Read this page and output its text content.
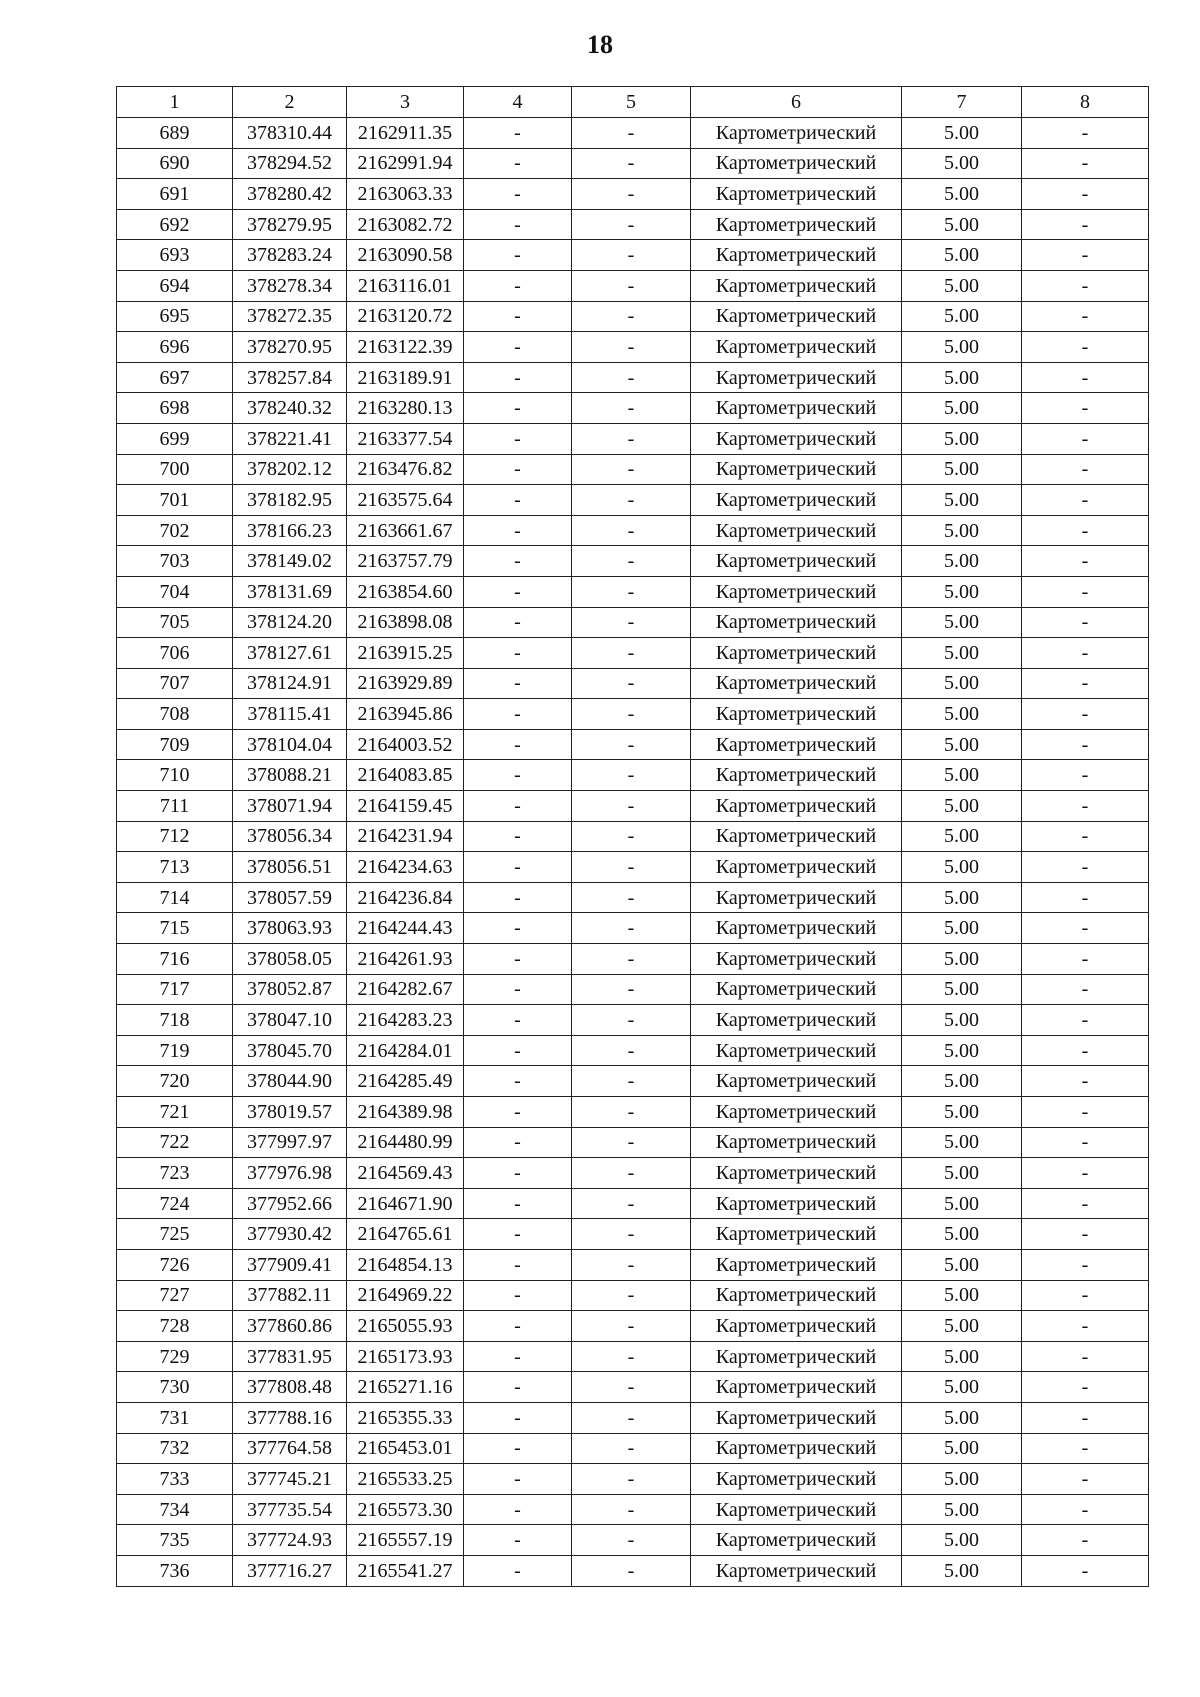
18
1	2	3	4	5	6	7	8
689	378310.44	2162911.35	-	-	Картометрический	5.00	-
690	378294.52	2162991.94	-	-	Картометрический	5.00	-
691	378280.42	2163063.33	-	-	Картометрический	5.00	-
692	378279.95	2163082.72	-	-	Картометрический	5.00	-
693	378283.24	2163090.58	-	-	Картометрический	5.00	-
694	378278.34	2163116.01	-	-	Картометрический	5.00	-
695	378272.35	2163120.72	-	-	Картометрический	5.00	-
696	378270.95	2163122.39	-	-	Картометрический	5.00	-
697	378257.84	2163189.91	-	-	Картометрический	5.00	-
698	378240.32	2163280.13	-	-	Картометрический	5.00	-
699	378221.41	2163377.54	-	-	Картометрический	5.00	-
700	378202.12	2163476.82	-	-	Картометрический	5.00	-
701	378182.95	2163575.64	-	-	Картометрический	5.00	-
702	378166.23	2163661.67	-	-	Картометрический	5.00	-
703	378149.02	2163757.79	-	-	Картометрический	5.00	-
704	378131.69	2163854.60	-	-	Картометрический	5.00	-
705	378124.20	2163898.08	-	-	Картометрический	5.00	-
706	378127.61	2163915.25	-	-	Картометрический	5.00	-
707	378124.91	2163929.89	-	-	Картометрический	5.00	-
708	378115.41	2163945.86	-	-	Картометрический	5.00	-
709	378104.04	2164003.52	-	-	Картометрический	5.00	-
710	378088.21	2164083.85	-	-	Картометрический	5.00	-
711	378071.94	2164159.45	-	-	Картометрический	5.00	-
712	378056.34	2164231.94	-	-	Картометрический	5.00	-
713	378056.51	2164234.63	-	-	Картометрический	5.00	-
714	378057.59	2164236.84	-	-	Картометрический	5.00	-
715	378063.93	2164244.43	-	-	Картометрический	5.00	-
716	378058.05	2164261.93	-	-	Картометрический	5.00	-
717	378052.87	2164282.67	-	-	Картометрический	5.00	-
718	378047.10	2164283.23	-	-	Картометрический	5.00	-
719	378045.70	2164284.01	-	-	Картометрический	5.00	-
720	378044.90	2164285.49	-	-	Картометрический	5.00	-
721	378019.57	2164389.98	-	-	Картометрический	5.00	-
722	377997.97	2164480.99	-	-	Картометрический	5.00	-
723	377976.98	2164569.43	-	-	Картометрический	5.00	-
724	377952.66	2164671.90	-	-	Картометрический	5.00	-
725	377930.42	2164765.61	-	-	Картометрический	5.00	-
726	377909.41	2164854.13	-	-	Картометрический	5.00	-
727	377882.11	2164969.22	-	-	Картометрический	5.00	-
728	377860.86	2165055.93	-	-	Картометрический	5.00	-
729	377831.95	2165173.93	-	-	Картометрический	5.00	-
730	377808.48	2165271.16	-	-	Картометрический	5.00	-
731	377788.16	2165355.33	-	-	Картометрический	5.00	-
732	377764.58	2165453.01	-	-	Картометрический	5.00	-
733	377745.21	2165533.25	-	-	Картометрический	5.00	-
734	377735.54	2165573.30	-	-	Картометрический	5.00	-
735	377724.93	2165557.19	-	-	Картометрический	5.00	-
736	377716.27	2165541.27	-	-	Картометрический	5.00	-
